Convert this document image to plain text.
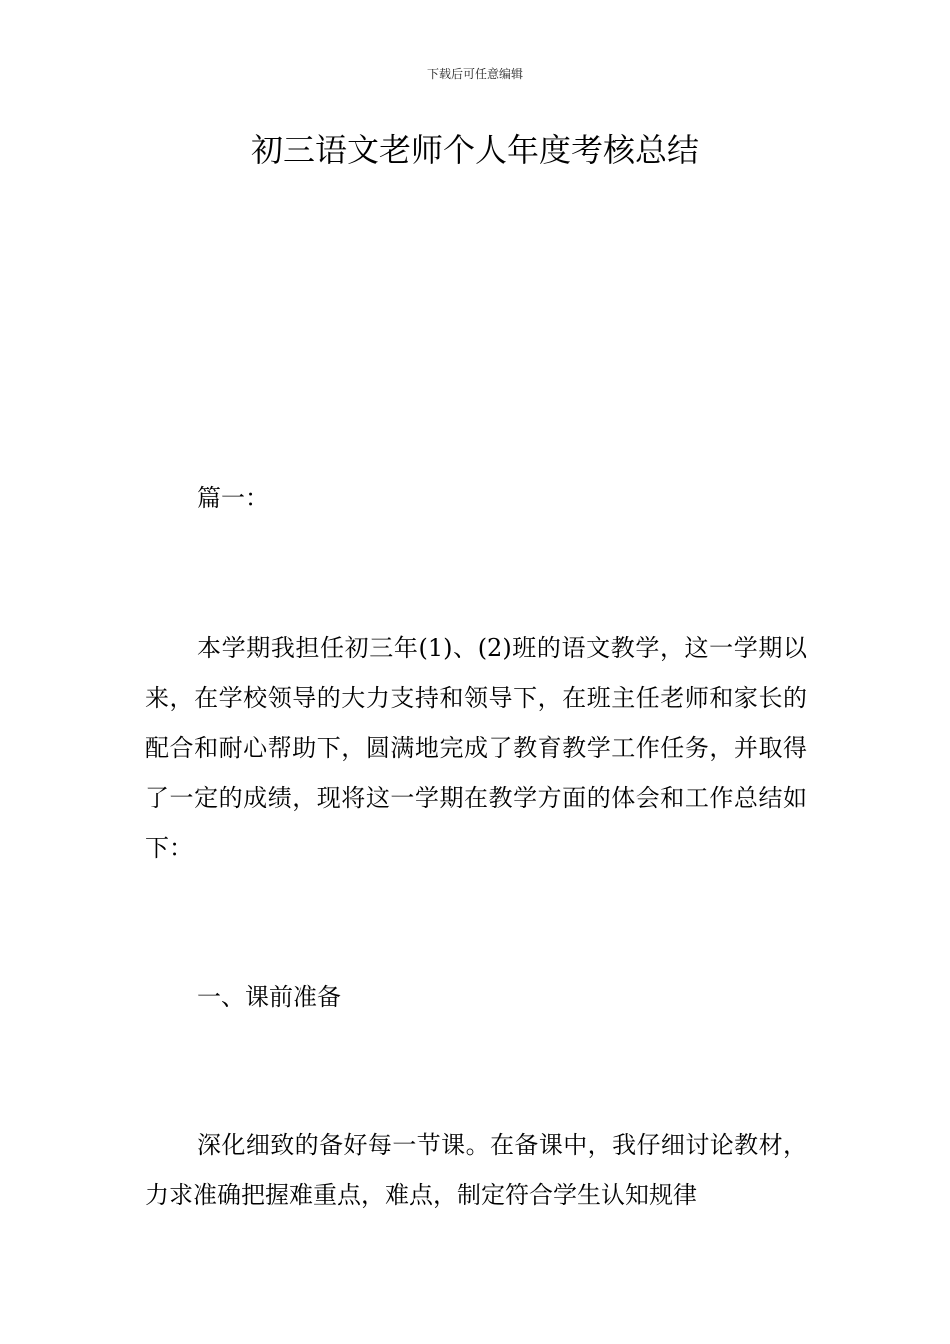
下载后可任意编辑
初三语文老师个人年度考核总结

篇一：

本学期我担任初三年(1)、(2)班的语文教学，这一学期以来，在学校领导的大力支持和领导下，在班主任老师和家长的配合和耐心帮助下，圆满地完成了教育教学工作任务，并取得了一定的成绩，现将这一学期在教学方面的体会和工作总结如下：

一、课前准备

深化细致的备好每一节课。在备课中，我仔细讨论教材，力求准确把握难重点，难点，制定符合学生认知规律
